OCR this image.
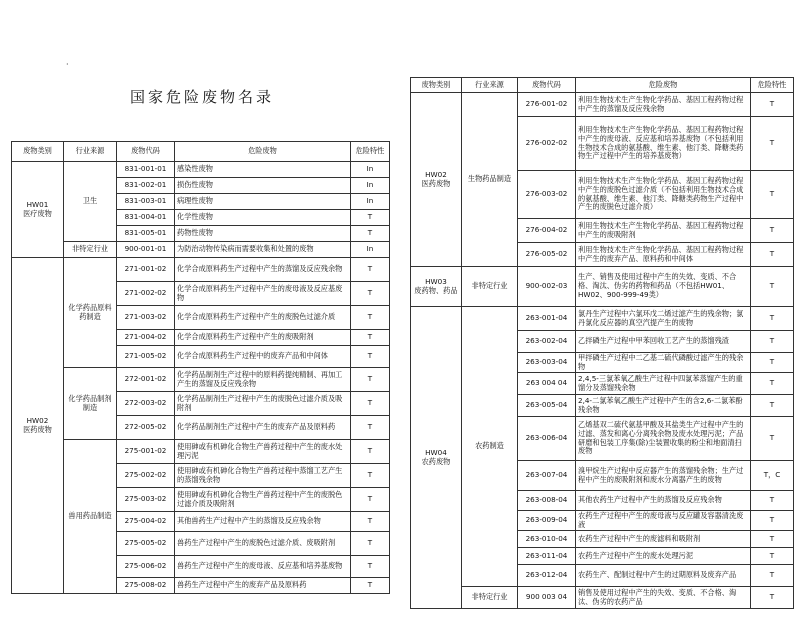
·
国家危险废物名录
废物类别	行业来源	废物代码	危险废物	危险特性
HW01
医疗废物	卫生	831-001-01	感染性废物	In
		831-002-01	损伤性废物	In
		831-003-01	病理性废物	In
		831-004-01	化学性废物	T
		831-005-01	药物性废物	T
	非特定行业	900-001-01	为防治动物传染病而需要收集和处置的废物	In
HW02
医药废物	化学药品原料药制造	271-001-02	化学合成原料药生产过程中产生的蒸馏及反应残余物	T
		271-002-02	化学合成原料药生产过程中产生的废母液及反应基废物	T
		271-003-02	化学合成原料药生产过程中产生的废脱色过滤介质	T
		271-004-02	化学合成原料药生产过程中产生的废吸附剂	T
		271-005-02	化学合成原料药生产过程中的废弃产品和中间体	T
	化学药品制剂制造	272-001-02	化学药品制剂生产过程中的原料药提纯精制、再加工产生的蒸馏及反应残余物	T
		272-003-02	化学药品制剂生产过程中产生的废脱色过滤介质及吸附剂	T
		272-005-02	化学药品制剂生产过程中产生的废弃产品及原料药	T
	兽用药品制造	275-001-02	使用砷或有机砷化合物生产兽药过程中产生的废水处理污泥	T
		275-002-02	使用砷或有机砷化合物生产兽药过程中蒸馏工艺产生的蒸馏残余物	T
		275-003-02	使用砷或有机砷化合物生产兽药过程中产生的废脱色过滤介质及吸附剂	T
		275-004-02	其他兽药生产过程中产生的蒸馏及反应残余物	T
		275-005-02	兽药生产过程中产生的废脱色过滤介质、废吸附剂	T
		275-006-02	兽药生产过程中产生的废母液、反应基和培养基废物	T
		275-008-02	兽药生产过程中产生的废弃产品及原料药	T
废物类别	行业来源	废物代码	危险废物	危险特性
HW02
医药废物	生物药品制造	276-001-02	利用生物技术生产生物化学药品、基因工程药物过程中产生的蒸馏及反应残余物	T
		276-002-02	利用生物技术生产生物化学药品、基因工程药物过程中产生的废母液、反应基和培养基废物（不包括利用生物技术合成的氨基酸、维生素、他汀类、降糖类药物生产过程中产生的培养基废物）	T
		276-003-02	利用生物技术生产生物化学药品、基因工程药物过程中产生的废脱色过滤介质（不包括利用生物技术合成的氨基酸、维生素、他汀类、降糖类药物生产过程中产生的废脱色过滤介质）	T
		276-004-02	利用生物技术生产生物化学药品、基因工程药物过程中产生的废吸附剂	T
		276-005-02	利用生物技术生产生物化学药品、基因工程药物过程中产生的废弃产品、原料药和中间体	T
HW03
废药物、药品	非特定行业	900-002-03	生产、销售及使用过程中产生的失效、变质、不合格、淘汰、伪劣的药物和药品（不包括HW01、HW02、900-999-49类）	T
HW04
农药废物	农药制造	263-001-04	氯丹生产过程中六氯环戊二烯过滤产生的残余物；氯丹氯化反应器的真空汽提产生的废物	T
		263-002-04	乙拌磷生产过程中甲苯回收工艺产生的蒸馏残渣	T
		263-003-04	甲拌磷生产过程中二乙基二硫代磷酸过滤产生的残余物	T
		263 004 04	2,4,5-三氯苯氧乙酸生产过程中四氯苯蒸馏产生的重馏分及蒸馏残余物	T
		263-005-04	2,4-二氯苯氧乙酸生产过程中产生的含2,6-二氯苯酚残余物	T
		263-006-04	乙烯基双二硫代氨基甲酸及其盐类生产过程中产生的过滤、蒸发和离心分离残余物及废水处理污泥；产品研磨和包装工序集(除)尘装置收集的粉尘和地面清扫废物	T
		263-007-04	溴甲烷生产过程中反应器产生的蒸馏残余物；生产过程中产生的废吸附剂和废水分离器产生的废物	T，C
		263-008-04	其他农药生产过程中产生的蒸馏及反应残余物	T
		263-009-04	农药生产过程中产生的废母液与反应罐及容器清洗废液	T
		263-010-04	农药生产过程中产生的废滤料和吸附剂	T
		263-011-04	农药生产过程中产生的废水处理污泥	T
		263-012-04	农药生产、配制过程中产生的过期原料及废弃产品	T
	非特定行业	900 003 04	销售及使用过程中产生的失效、变质、不合格、淘汰、伪劣的农药产品	T
